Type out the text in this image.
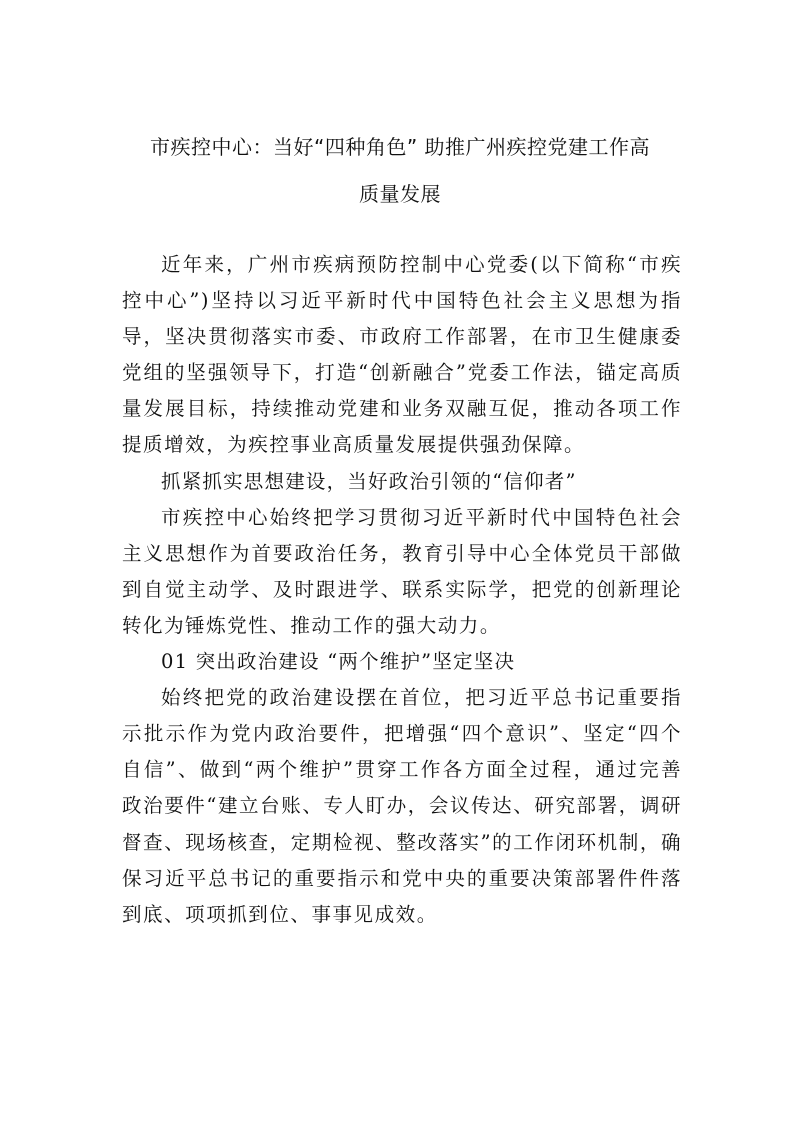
市疾控中心：当好“四种角色” 助推广州疾控党建工作高
质量发展

近年来，广州市疾病预防控制中心党委(以下简称“市疾控中心”)坚持以习近平新时代中国特色社会主义思想为指导，坚决贯彻落实市委、市政府工作部署，在市卫生健康委党组的坚强领导下，打造“创新融合”党委工作法，锚定高质量发展目标，持续推动党建和业务双融互促，推动各项工作提质增效，为疾控事业高质量发展提供强劲保障。

抓紧抓实思想建设，当好政治引领的“信仰者”

市疾控中心始终把学习贯彻习近平新时代中国特色社会主义思想作为首要政治任务，教育引导中心全体党员干部做到自觉主动学、及时跟进学、联系实际学，把党的创新理论转化为锤炼党性、推动工作的强大动力。

01 突出政治建设 “两个维护”坚定坚决

始终把党的政治建设摆在首位，把习近平总书记重要指示批示作为党内政治要件，把增强“四个意识”、坚定“四个自信”、做到“两个维护”贯穿工作各方面全过程，通过完善政治要件“建立台账、专人盯办，会议传达、研究部署，调研督查、现场核查，定期检视、整改落实”的工作闭环机制，确保习近平总书记的重要指示和党中央的重要决策部署件件落到底、项项抓到位、事事见成效。
